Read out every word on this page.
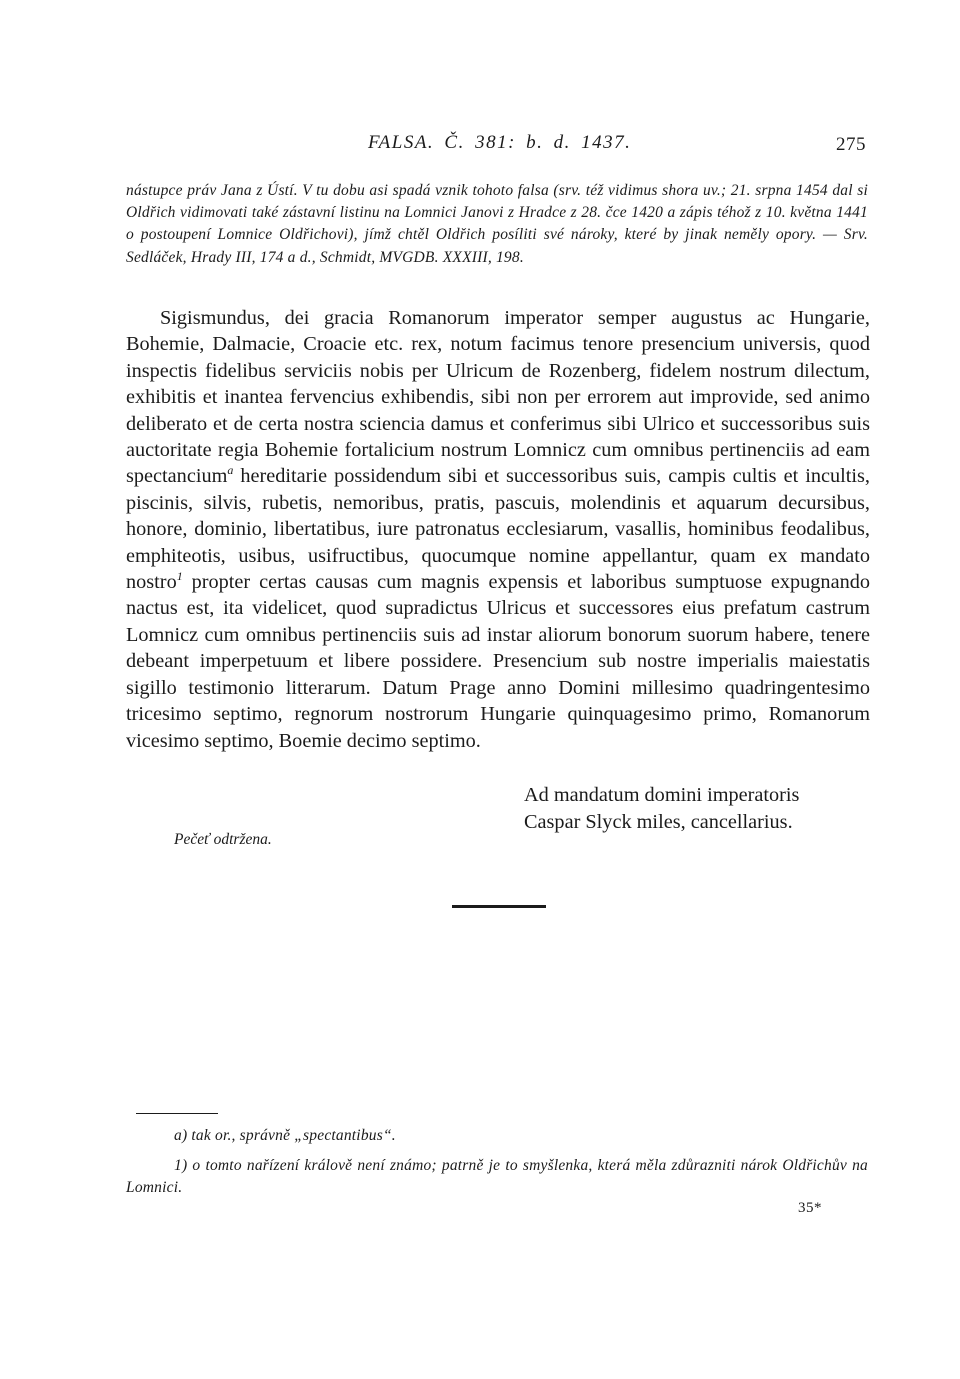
FALSA. Č. 381: b. d. 1437.	275

nástupce práv Jana z Ústí. V tu dobu asi spadá vznik tohoto falsa (srv. též vidimus shora uv.; 21. srpna 1454 dal si Oldřich vidimovati také zástavní listinu na Lomnici Janovi z Hradce z 28. čce 1420 a zápis téhož z 10. května 1441 o postoupení Lomnice Oldřichovi), jímž chtěl Oldřich posíliti své nároky, které by jinak neměly opory. — Srv. Sedláček, Hrady III, 174 a d., Schmidt, MVGDB. XXXIII, 198.

Sigismundus, dei gracia Romanorum imperator semper augustus ac Hungarie, Bohemie, Dalmacie, Croacie etc. rex, notum facimus tenore presencium universis, quod inspectis fidelibus serviciis nobis per Ulricum de Rozenberg, fidelem nostrum dilectum, exhibitis et inantea fervencius exhibendis, sibi non per errorem aut improvide, sed animo deliberato et de certa nostra sciencia damus et conferimus sibi Ulrico et successoribus suis auctoritate regia Bohemie fortalicium nostrum Lomnicz cum omnibus pertinenciis ad eam spectancium$^a$ hereditarie possidendum sibi et successoribus suis, campis cultis et incultis, piscinis, silvis, rubetis, nemoribus, pratis, pascuis, molendinis et aquarum decursibus, honore, dominio, libertatibus, iure patronatus ecclesiarum, vasallis, hominibus feodalibus, emphiteotis, usibus, usifructibus, quocumque nomine appellantur, quam ex mandato nostro$^1$ propter certas causas cum magnis expensis et laboribus sumptuose expugnando nactus est, ita videlicet, quod supradictus Ulricus et successores eius prefatum castrum Lomnicz cum omnibus pertinenciis suis ad instar aliorum bonorum suorum habere, tenere debeant imperpetuum et libere possidere. Presencium sub nostre imperialis maiestatis sigillo testimonio litterarum. Datum Prage anno Domini millesimo quadringentesimo tricesimo septimo, regnorum nostrorum Hungarie quinquagesimo primo, Romanorum vicesimo septimo, Boemie decimo septimo.

Ad mandatum domini imperatoris
Caspar Slyck miles, cancellarius.
Pečeť odtržena.
a) tak or., správně „spectantibus“.

1) o tomto nařízení králově není známo; patrně je to smyšlenka, která měla zdůrazniti nárok Oldřichův na Lomnici.

35*
